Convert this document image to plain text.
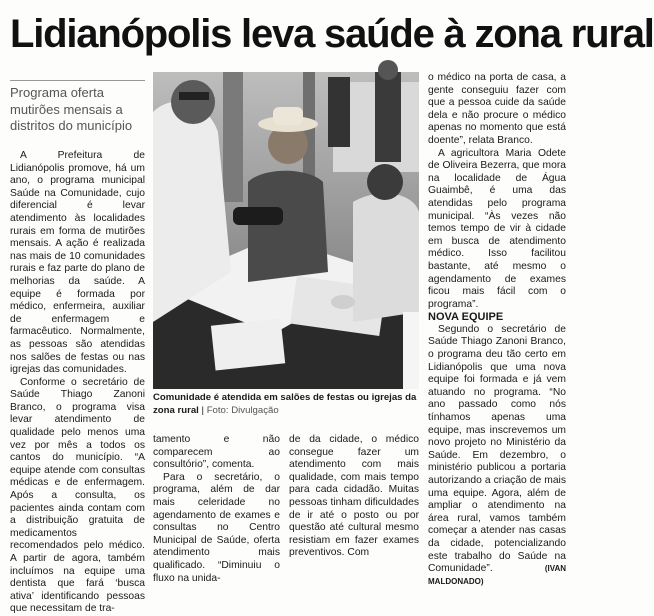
Lidianópolis leva saúde à zona rural
Programa oferta mutirões mensais a distritos do município

A Prefeitura de Lidianópolis promove, há um ano, o programa municipal Saúde na Comunidade, cujo diferencial é levar atendimento às localidades rurais em forma de mutirões mensais. A ação é realizada nas mais de 10 comunidades rurais e faz parte do plano de melhorias da saúde. A equipe é formada por médico, enfermeira, auxiliar de enfermagem e farmacêutico. Normalmente, as pessoas são atendidas nos salões de festas ou nas igrejas das comunidades.

Conforme o secretário de Saúde Thiago Zanoni Branco, o programa visa levar atendimento de qualidade pelo menos uma vez por mês a todos os cantos do município. “A equipe atende com consultas médicas e de enfermagem. Após a consulta, os pacientes ainda contam com a distribuição gratuita de medicamentos recomendados pelo médico. A partir de agora, também incluímos na equipe uma dentista que fará ‘busca ativa’ identificando pessoas que necessitam de tra-

Comunidade é atendida em salões de festas ou igrejas da zona rural | Foto: Divulgação

tamento e não comparecem ao consultório”, comenta.

Para o secretário, o programa, além de dar mais celeridade no agendamento de exames e consultas no Centro Municipal de Saúde, oferta atendimento mais qualificado. “Diminuiu o fluxo na unida-

de da cidade, o médico consegue fazer um atendimento com mais qualidade, com mais tempo para cada cidadão. Muitas pessoas tinham dificuldades de ir até o posto ou por questão até cultural mesmo resistiam em fazer exames preventivos. Com

o médico na porta de casa, a gente conseguiu fazer com que a pessoa cuide da saúde dela e não procure o médico apenas no momento que está doente”, relata Branco.

A agricultora Maria Odete de Oliveira Bezerra, que mora na localidade de Água Guaimbê, é uma das atendidas pelo programa municipal. “Às vezes não temos tempo de vir à cidade em busca de atendimento médico. Isso facilitou bastante, até mesmo o agendamento de exames ficou mais fácil com o programa”.

NOVA EQUIPE

Segundo o secretário de Saúde Thiago Zanoni Branco, o programa deu tão certo em Lidianópolis que uma nova equipe foi formada e já vem atuando no programa. “No ano passado como nós tínhamos apenas uma equipe, mas inscrevemos um novo projeto no Ministério da Saúde. Em dezembro, o ministério publicou a portaria autorizando a criação de mais uma equipe. Agora, além de ampliar o atendimento na área rural, vamos também começar a atender nas casas da cidade, potencializando este trabalho do Saúde na Comunidade”.	(IVAN MALDONADO)
